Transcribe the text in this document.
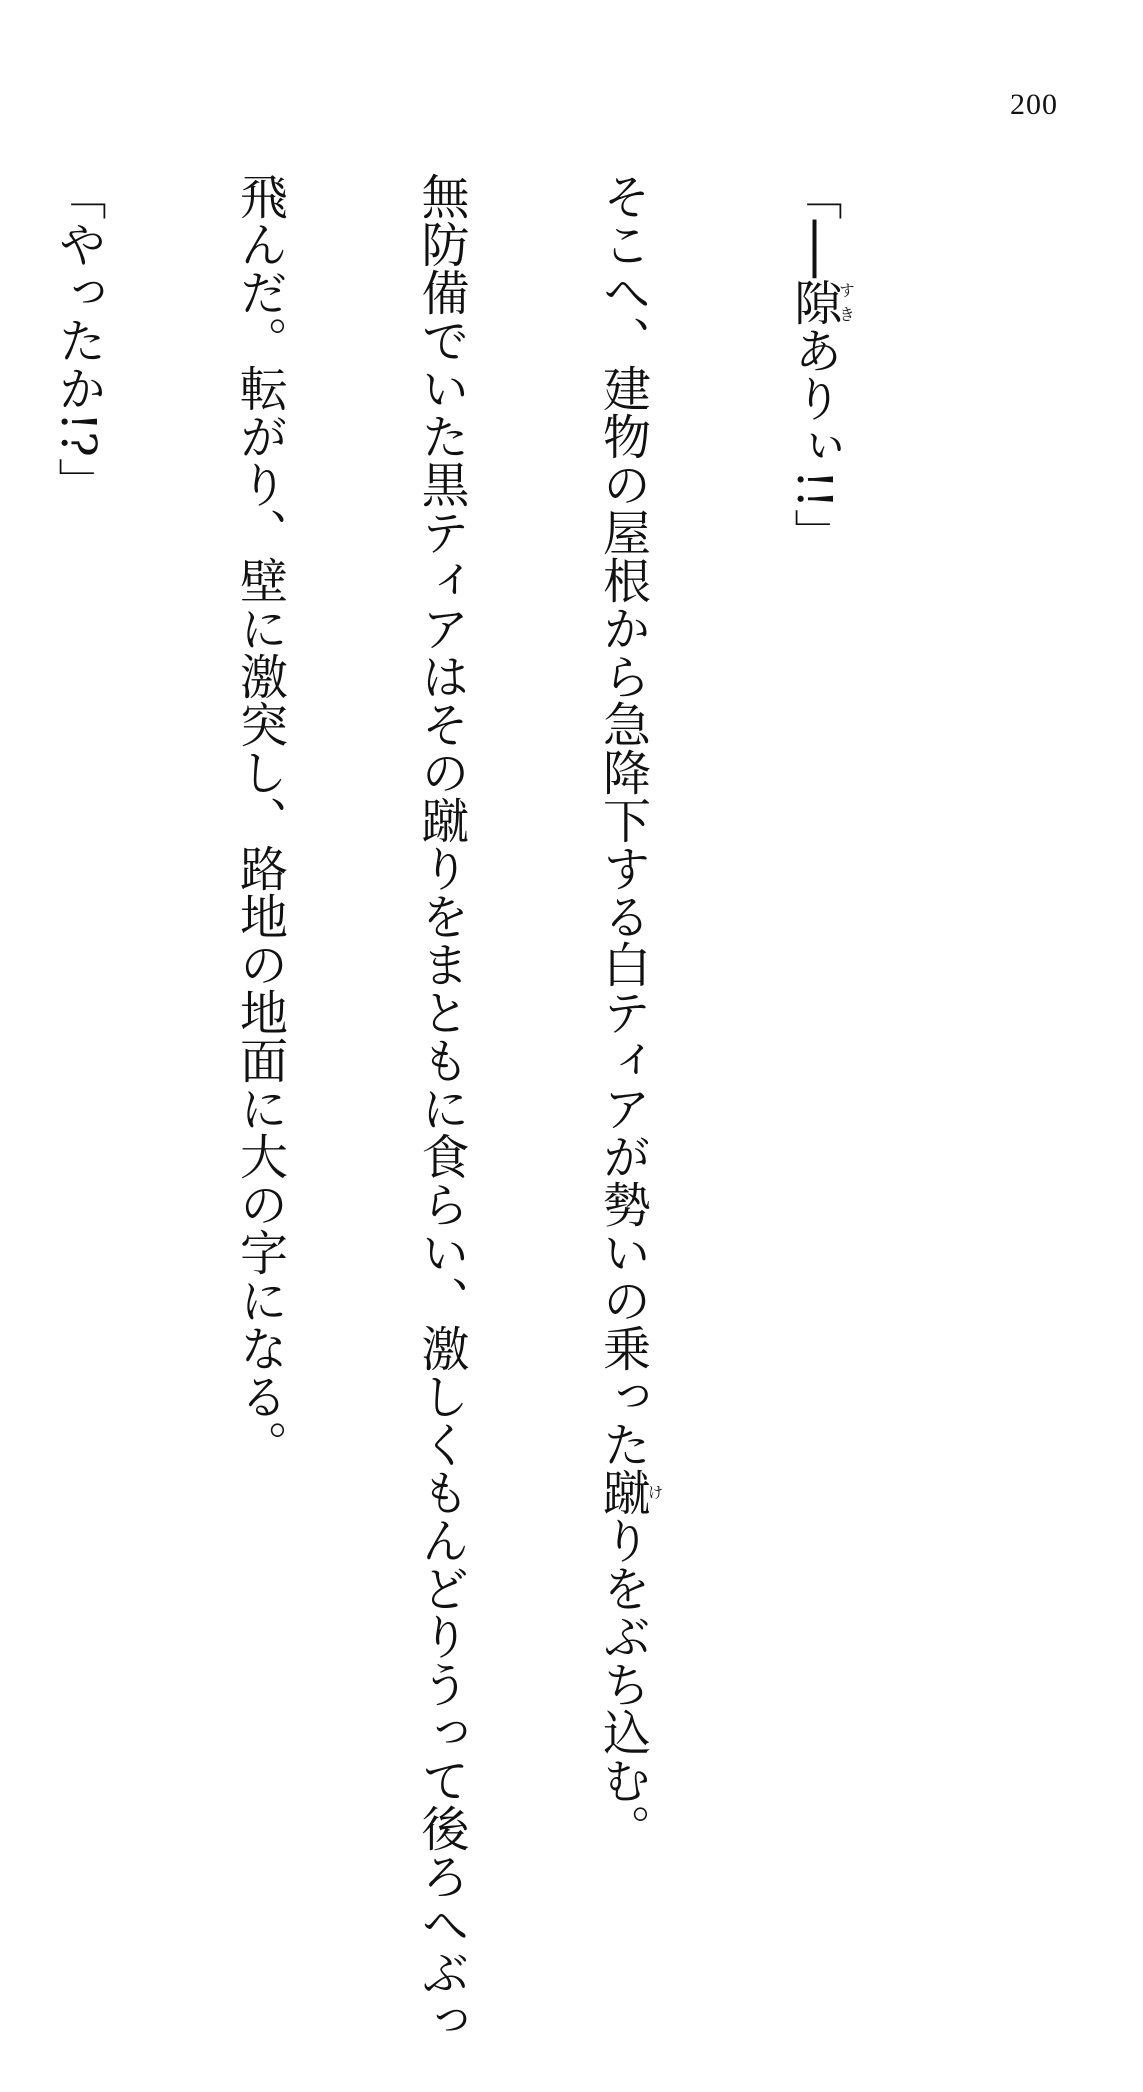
200

「──隙すきありぃ!!」

そこへ、建物の屋根から急降下する白ティアが勢いの乗った蹴けりをぶち込む。

無防備でいた黒ティアはその蹴りをまともに食らい、激しくもんどりうって後ろへぶっ

飛んだ。転がり、壁に激突し、路地の地面に大の字になる。

「やったか!?」
